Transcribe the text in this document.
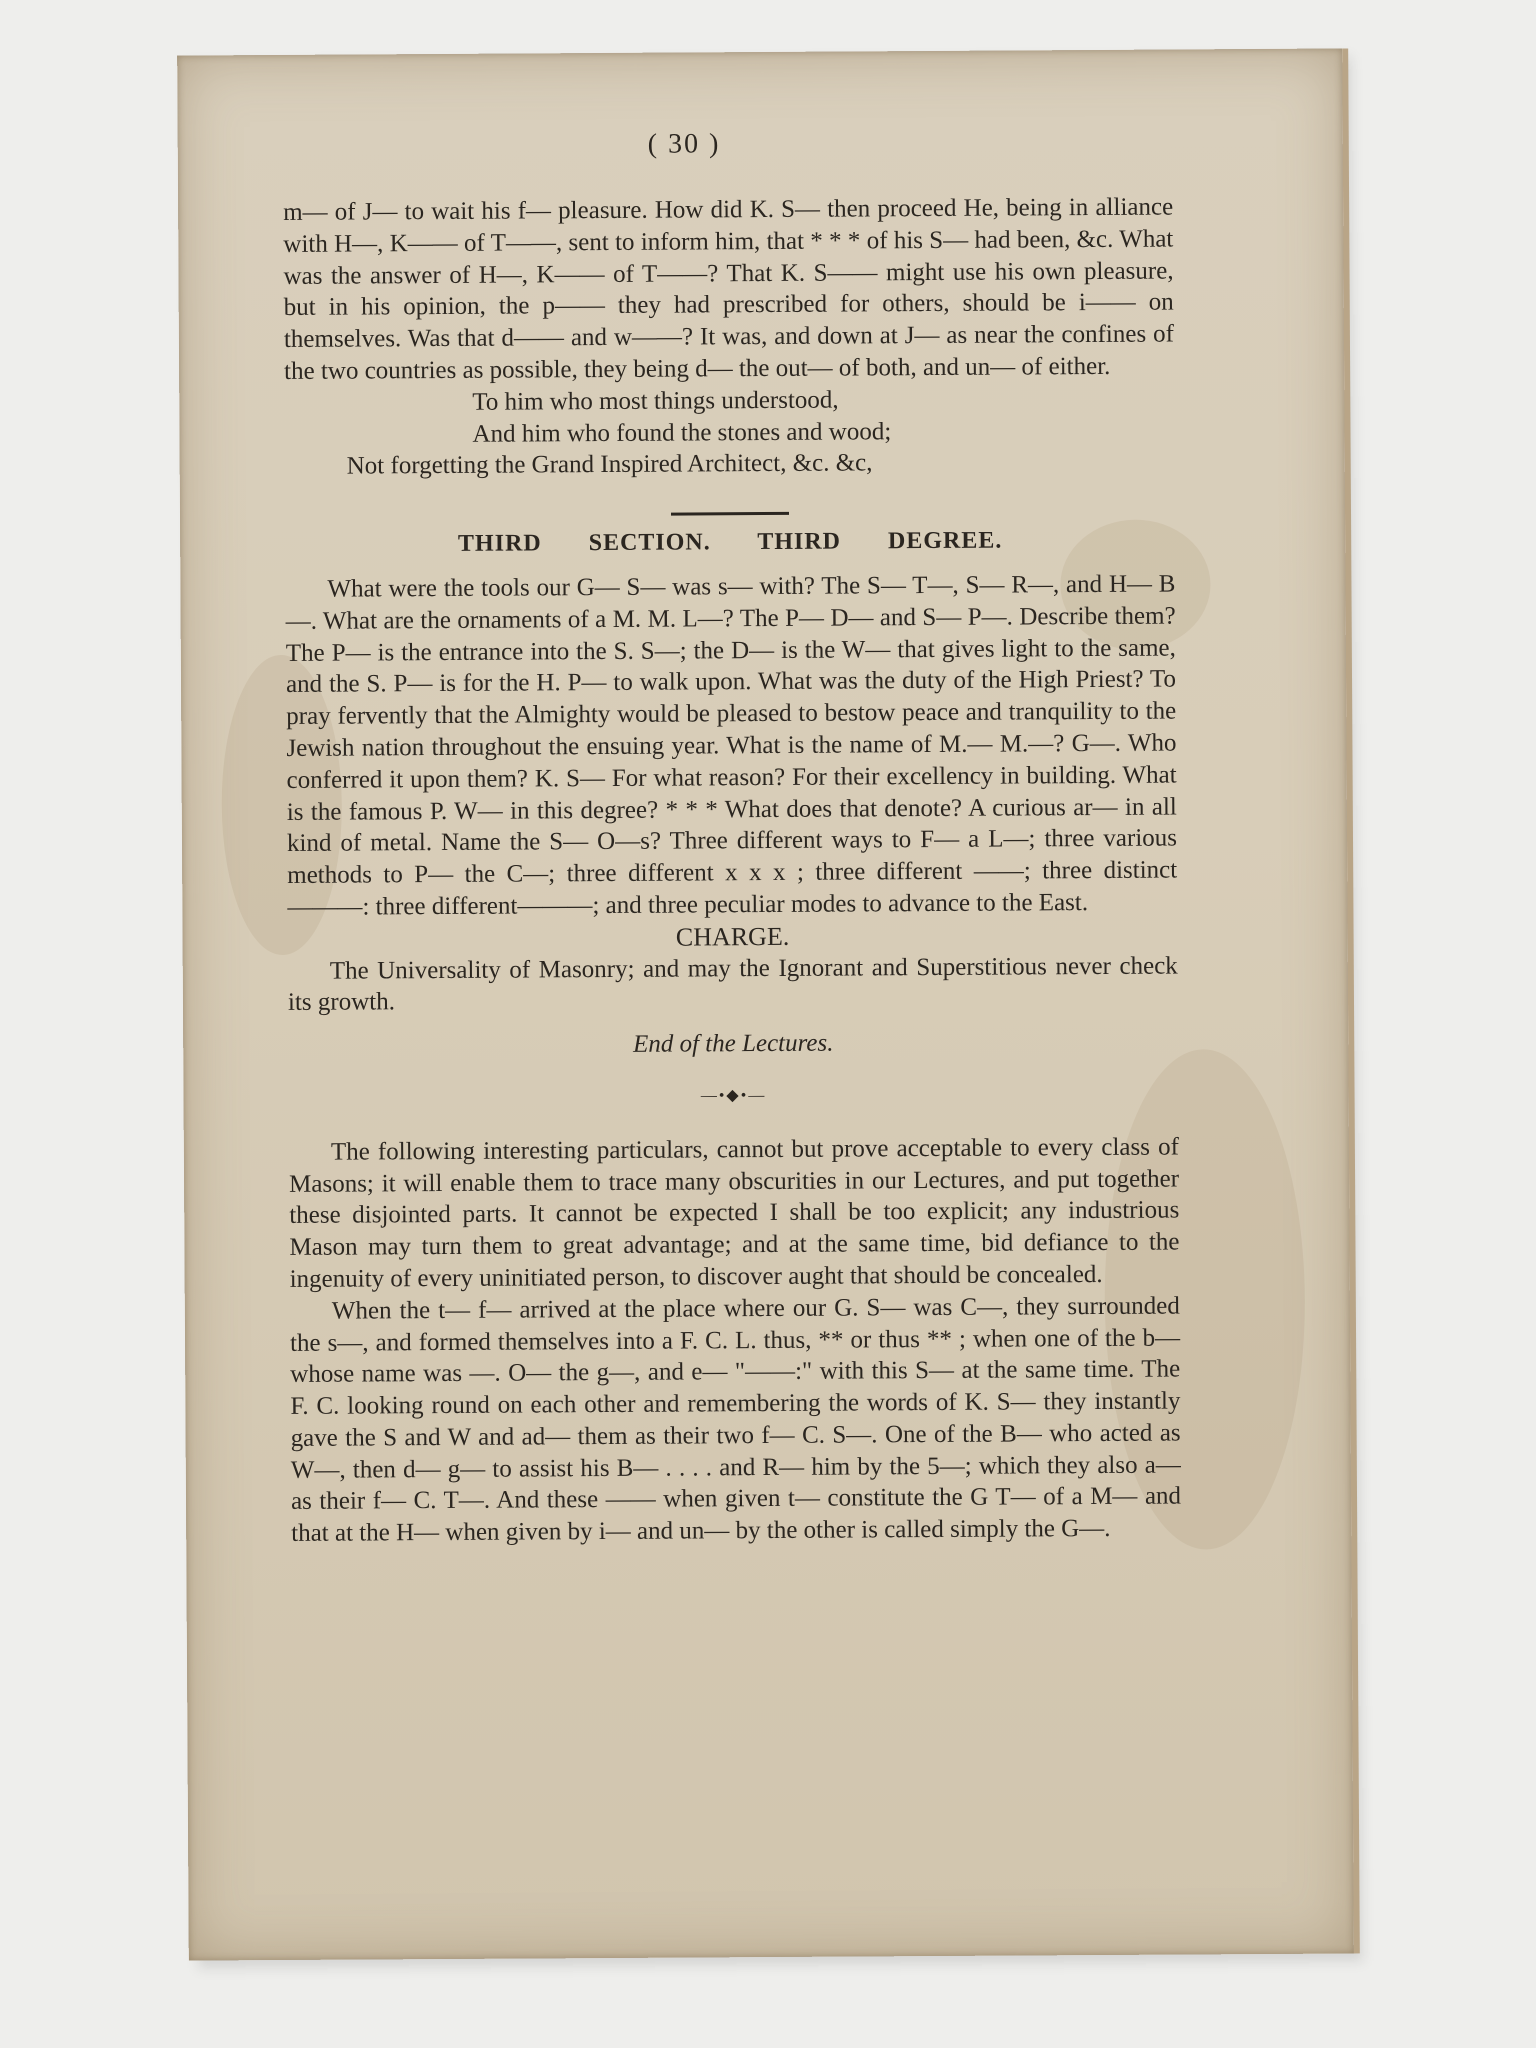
( 30 )

m— of J— to wait his f— pleasure. How did K. S— then proceed He, being in alliance with H—, K—— of T——, sent to inform him, that * * * of his S— had been, &c. What was the answer of H—, K—— of T——? That K. S—— might use his own pleasure, but in his opinion, the p—— they had prescribed for others, should be i—— on themselves. Was that d—— and w——? It was, and down at J— as near the confines of the two countries as possible, they being d— the out— of both, and un— of either.

To him who most things understood,
And him who found the stones and wood;
Not forgetting the Grand Inspired Architect, &c. &c,
THIRD SECTION. THIRD DEGREE.

What were the tools our G— S— was s— with? The S— T—, S— R—, and H— B—. What are the ornaments of a M. M. L—? The P— D— and S— P—. Describe them? The P— is the entrance into the S. S—; the D— is the W— that gives light to the same, and the S. P— is for the H. P— to walk upon. What was the duty of the High Priest? To pray fervently that the Almighty would be pleased to bestow peace and tranquility to the Jewish nation throughout the ensuing year. What is the name of M.— M.—? G—. Who conferred it upon them? K. S— For what reason? For their excellency in building. What is the famous P. W— in this degree? * * * What does that denote? A curious ar— in all kind of metal. Name the S— O—s? Three different ways to F— a L—; three various methods to P— the C—; three different x x x ; three different ——; three distinct ———: three different———; and three peculiar modes to advance to the East.

CHARGE.

The Universality of Masonry; and may the Ignorant and Superstitious never check its growth.

End of the Lectures.
—•◆•—

The following interesting particulars, cannot but prove acceptable to every class of Masons; it will enable them to trace many obscurities in our Lectures, and put together these disjointed parts. It cannot be expected I shall be too explicit; any industrious Mason may turn them to great advantage; and at the same time, bid defiance to the ingenuity of every uninitiated person, to discover aught that should be concealed.

When the t— f— arrived at the place where our G. S— was C—, they surrounded the s—, and formed themselves into a F. C. L. thus, ** or thus ** ; when one of the b— whose name was —. O— the g—, and e— "——:" with this S— at the same time. The F. C. looking round on each other and remembering the words of K. S— they instantly gave the S and W and ad— them as their two f— C. S—. One of the B— who acted as W—, then d— g— to assist his B— . . . . and R— him by the 5—; which they also a— as their f— C. T—. And these —— when given t— constitute the G T— of a M— and that at the H— when given by i— and un— by the other is called simply the G—.
